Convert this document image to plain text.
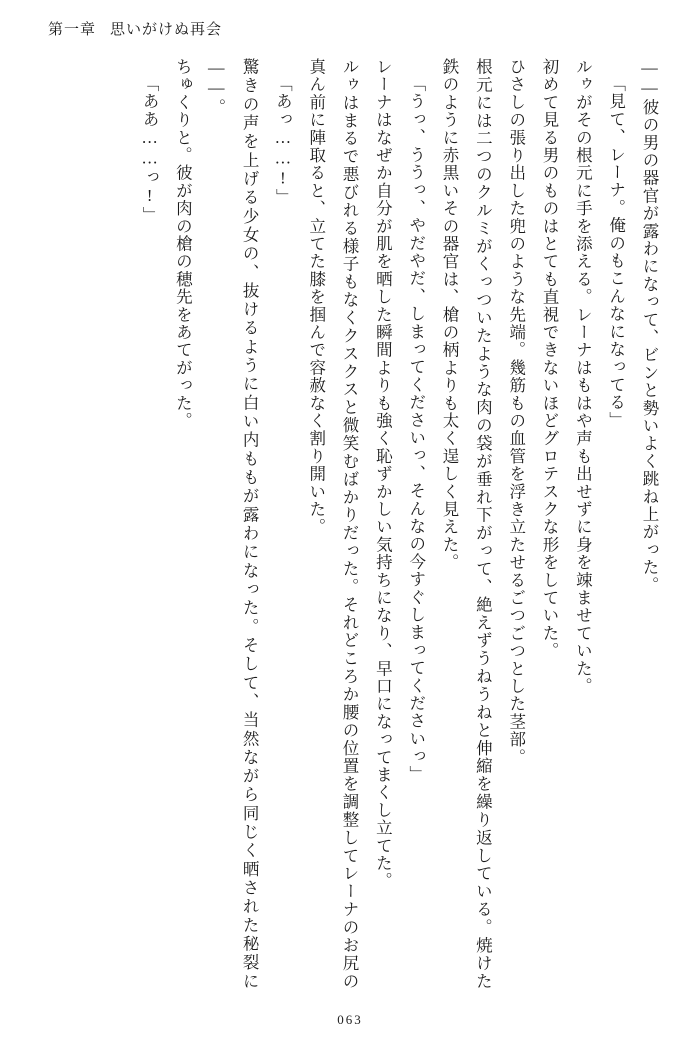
第一章 思いがけぬ再会

――彼の男の器官が露わになって、ビンと勢いよく跳ね上がった。

「見て、レーナ。俺のもこんなになってる」

ルゥがその根元に手を添える。レーナはもはや声も出せずに身を竦ませていた。

初めて見る男のものはとても直視できないほどグロテスクな形をしていた。

ひさしの張り出した兜のような先端。幾筋もの血管を浮き立たせるごつごつとした茎部。

根元には二つのクルミがくっついたような肉の袋が垂れ下がって、絶えずうねうねと伸縮を繰り返している。焼けた鉄のように赤黒いその器官は、槍の柄よりも太く逞しく見えた。

「うっ、ううっ、やだやだ、しまってくださいっ、そんなの今すぐしまってくださいっ」

レーナはなぜか自分が肌を晒した瞬間よりも強く恥ずかしい気持ちになり、早口になってまくし立てた。

ルゥはまるで悪びれる様子もなくクスクスと微笑むばかりだった。それどころか腰の位置を調整してレーナのお尻の真ん前に陣取ると、立てた膝を掴んで容赦なく割り開いた。

「あっ……!」

驚きの声を上げる少女の、抜けるように白い内ももが露わになった。そして、当然ながら同じく晒された秘裂に――。

ちゅくりと。彼が肉の槍の穂先をあてがった。

「ああ……っ!」

063
